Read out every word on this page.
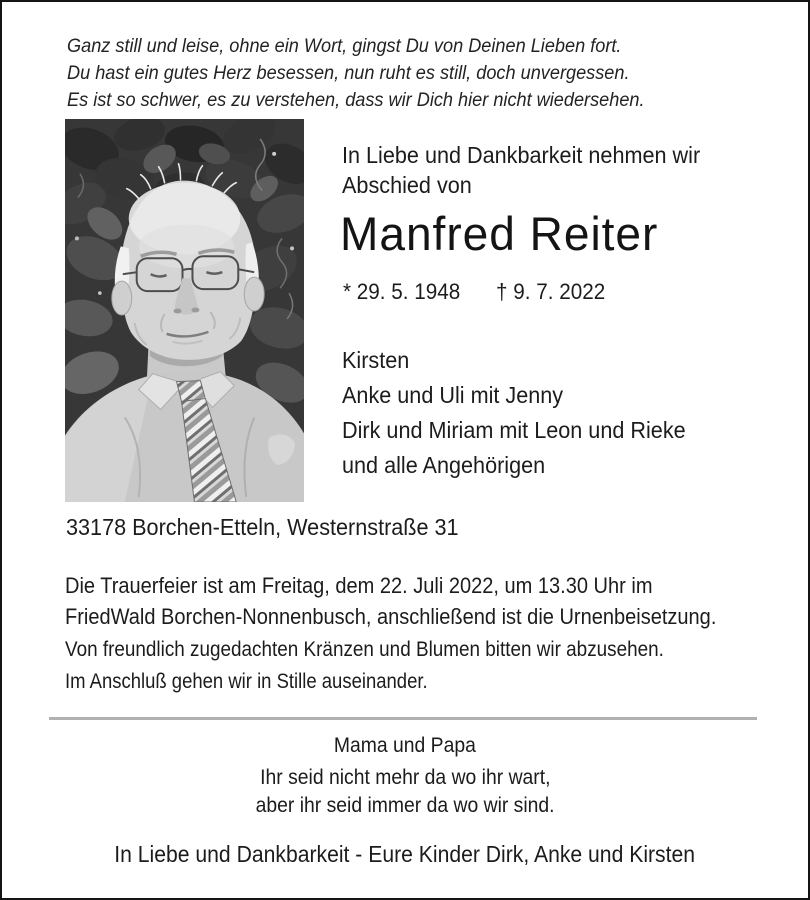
Ganz still und leise, ohne ein Wort, gingst Du von Deinen Lieben fort.
Du hast ein gutes Herz besessen, nun ruht es still, doch unvergessen.
Es ist so schwer, es zu verstehen, dass wir Dich hier nicht wiedersehen.
In Liebe und Dankbarkeit nehmen wir
Abschied von
Manfred Reiter
* 29. 5. 1948 † 9. 7. 2022
Kirsten
Anke und Uli mit Jenny
Dirk und Miriam mit Leon und Rieke
und alle Angehörigen
33178 Borchen-Etteln, Westernstraße 31
Die Trauerfeier ist am Freitag, dem 22. Juli 2022, um 13.30 Uhr im
FriedWald Borchen-Nonnenbusch, anschließend ist die Urnenbeisetzung.
Von freundlich zugedachten Kränzen und Blumen bitten wir abzusehen.
Im Anschluß gehen wir in Stille auseinander.
Mama und Papa
Ihr seid nicht mehr da wo ihr wart,
aber ihr seid immer da wo wir sind.
In Liebe und Dankbarkeit - Eure Kinder Dirk, Anke und Kirsten
